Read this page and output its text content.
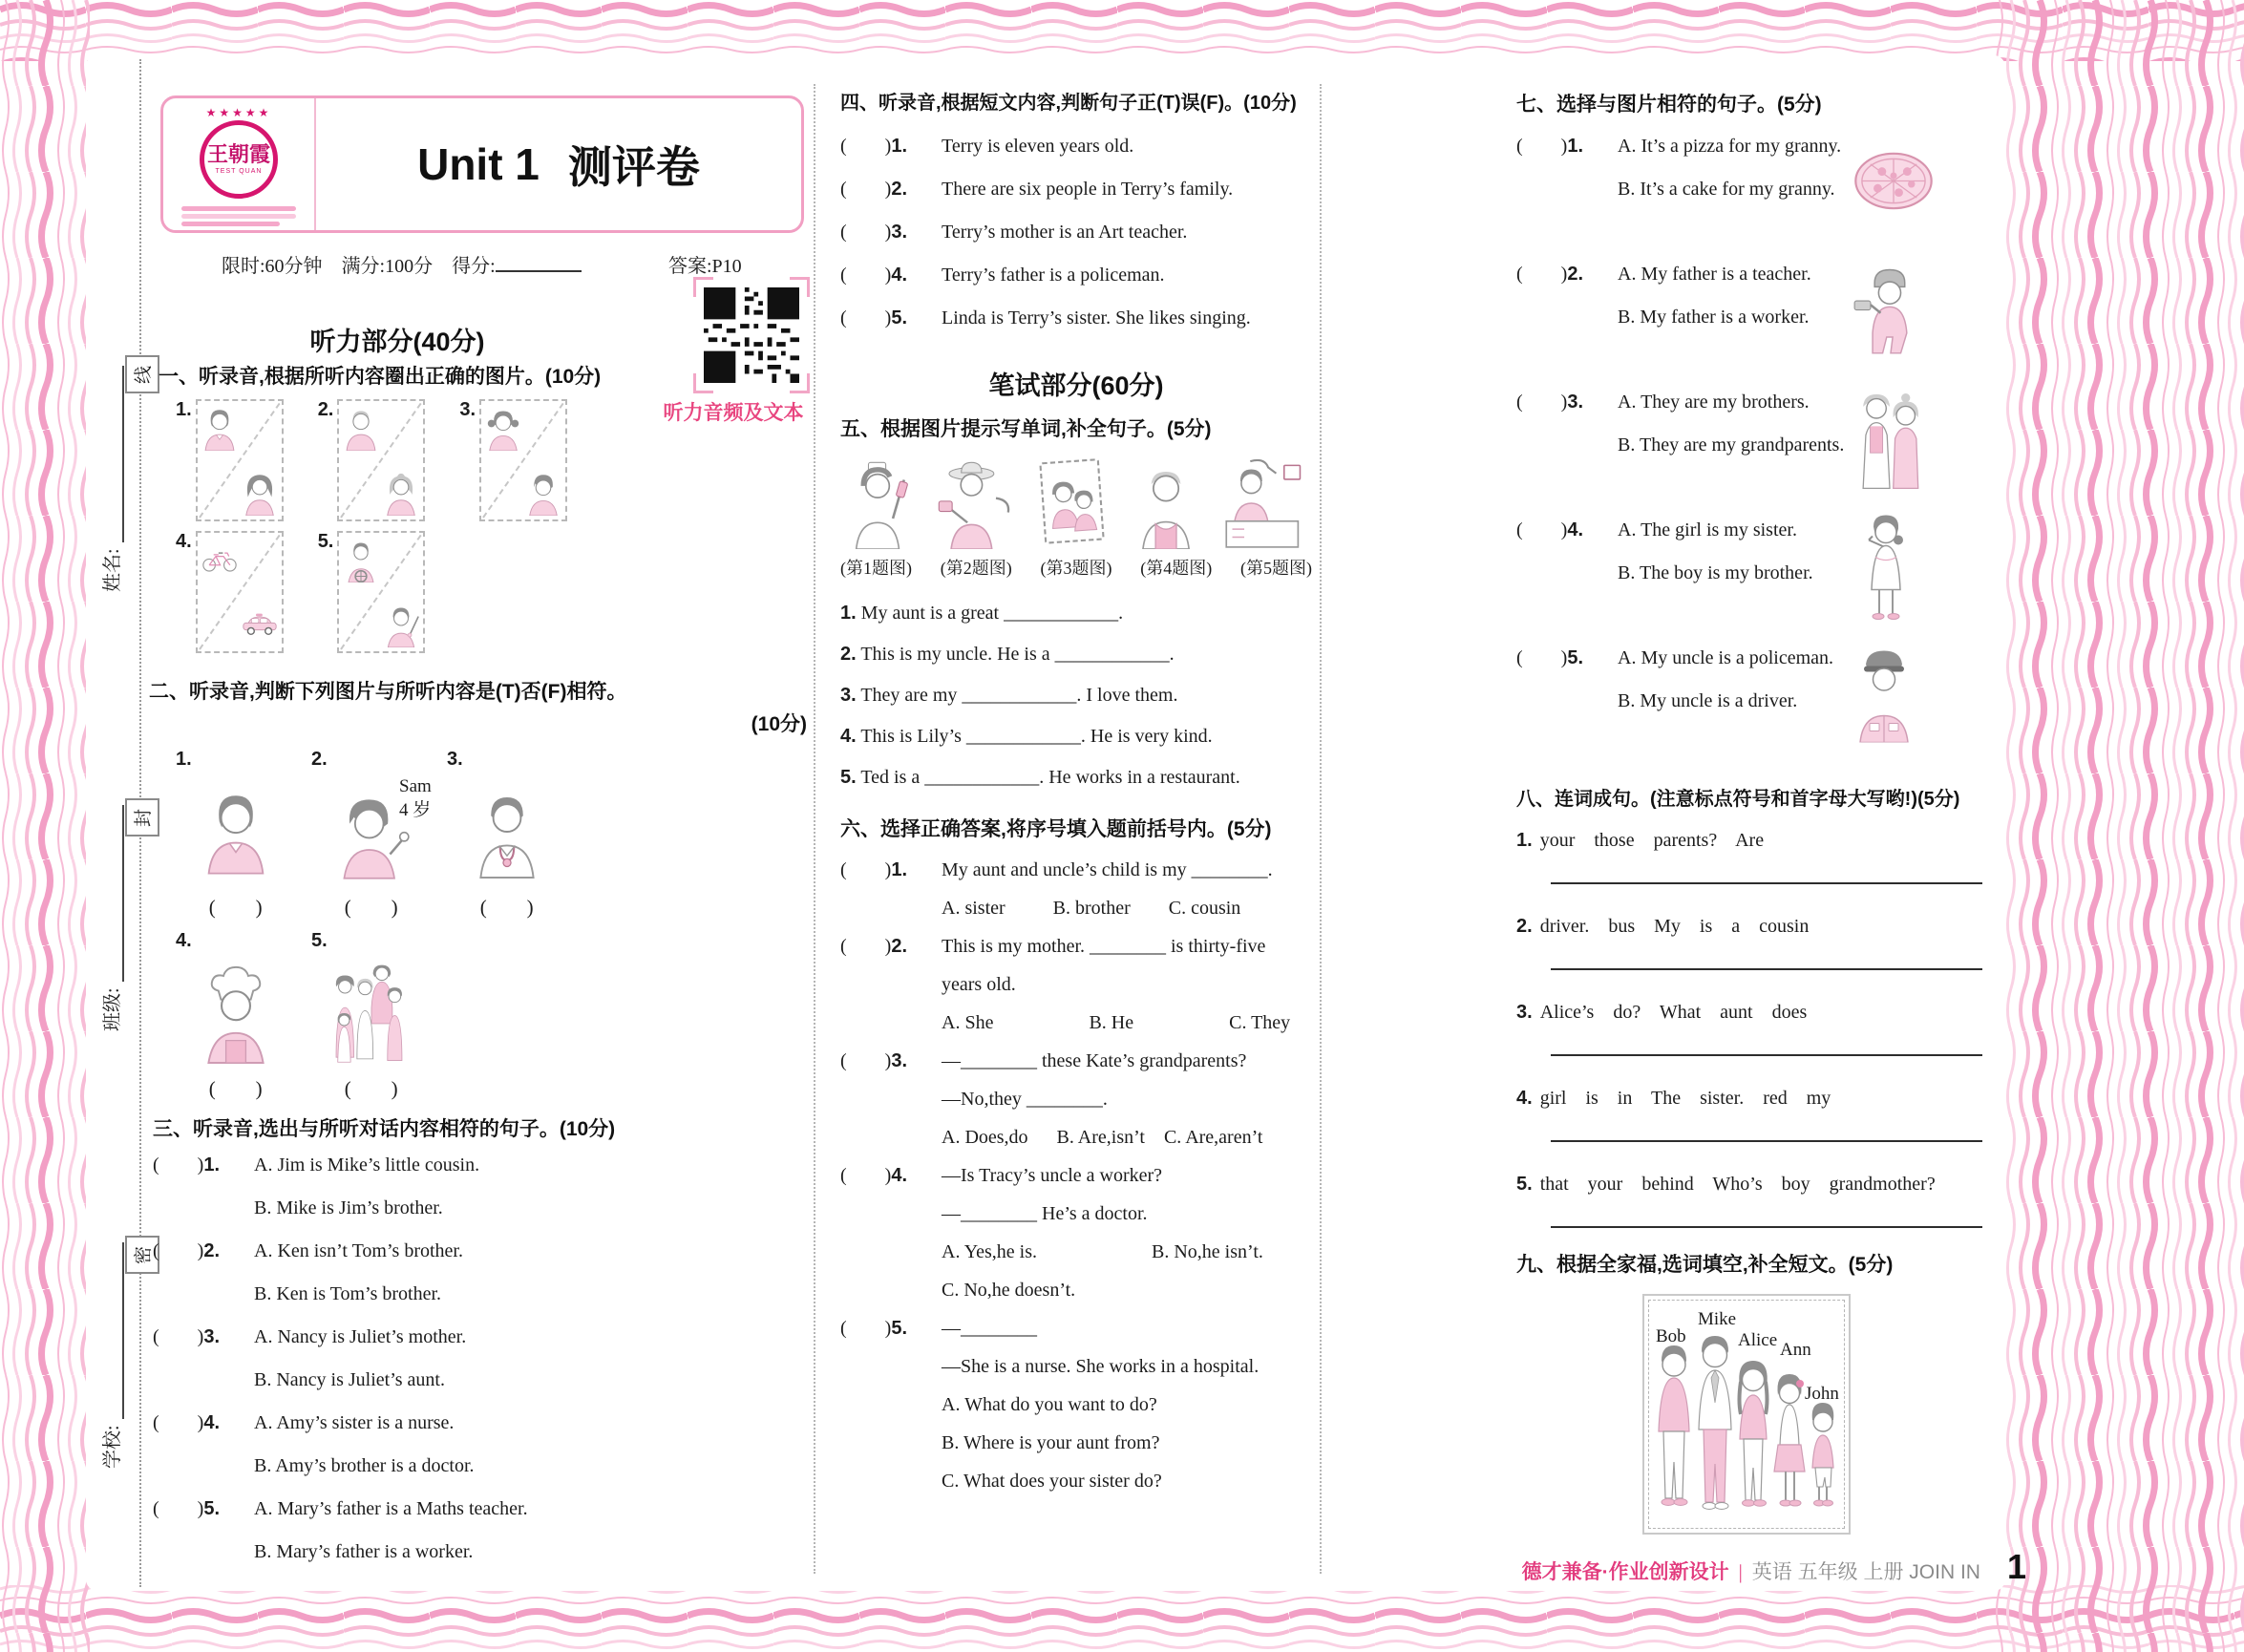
姓名:
班级:
学校:
线
封
密
★★★★★
王朝霞
TEST QUAN	Unit 1 测评卷
限时:60分钟 满分:100分 得分:	答案:P10
听力音频及文本
听力部分(40分)
一、听录音,根据所听内容圈出正确的图片。(10分)
1.	2.	3.
4.	5.
二、听录音,判断下列图片与所听内容是(T)否(F)相符。
(10分)
1.
(        )
2.
(        )
Sam
4 岁
3.
(        )
4.
(        )
5.
(        )
三、听录音,选出与所听对话内容相符的句子。(10分)
(        )1.	A. Jim is Mike’s little cousin.
B. Mike is Jim’s brother.
(        )2.	A. Ken isn’t Tom’s brother.
B. Ken is Tom’s brother.
(        )3.	A. Nancy is Juliet’s mother.
B. Nancy is Juliet’s aunt.
(        )4.	A. Amy’s sister is a nurse.
B. Amy’s brother is a doctor.
(        )5.	A. Mary’s father is a Maths teacher.
B. Mary’s father is a worker.
四、听录音,根据短文内容,判断句子正(T)误(F)。(10分)
(        )1.	Terry is eleven years old.
(        )2.	There are six people in Terry’s family.
(        )3.	Terry’s mother is an Art teacher.
(        )4.	Terry’s father is a policeman.
(        )5.	Linda is Terry’s sister. She likes singing.
笔试部分(60分)
五、根据图片提示写单词,补全句子。(5分)
(第1题图) (第2题图) (第3题图) (第4题图) (第5题图)
1. My aunt is a great ____________.
2. This is my uncle. He is a ____________.
3. They are my ____________. I love them.
4. This is Lily’s ____________. He is very kind.
5. Ted is a ____________. He works in a restaurant.
六、选择正确答案,将序号填入题前括号内。(5分)
(        )1.	My aunt and uncle’s child is my ________.
A. sister          B. brother        C. cousin
(        )2.	This is my mother. ________ is thirty-five
years old.
A. She                    B. He                    C. They
(        )3.	—________ these Kate’s grandparents?
—No,they ________.
A. Does,do      B. Are,isn’t    C. Are,aren’t
(        )4.	—Is Tracy’s uncle a worker?
—________ He’s a doctor.
A. Yes,he is.                        B. No,he isn’t.
C. No,he doesn’t.
(        )5.	—________
—She is a nurse. She works in a hospital.
A. What do you want to do?
B. Where is your aunt from?
C. What does your sister do?
七、选择与图片相符的句子。(5分)
(        )1.	A. It’s a pizza for my granny.
B. It’s a cake for my granny.
(        )2.	A. My father is a teacher.
B. My father is a worker.
(        )3.	A. They are my brothers.
B. They are my grandparents.
(        )4.	A. The girl is my sister.
B. The boy is my brother.
(        )5.	A. My uncle is a policeman.
B. My uncle is a driver.
八、连词成句。(注意标点符号和首字母大写哟!)(5分)
1. your    those    parents?    Are
2. driver.    bus    My    is    a    cousin
3. Alice’s    do?    What    aunt    does
4. girl    is    in    The    sister.    red    my
5. that    your    behind    Who’s    boy    grandmother?
九、根据全家福,选词填空,补全短文。(5分)
Bob
Mike
Alice Ann
John
德才兼备·作业创新设计 | 英语 五年级 上册 JOIN IN 1
